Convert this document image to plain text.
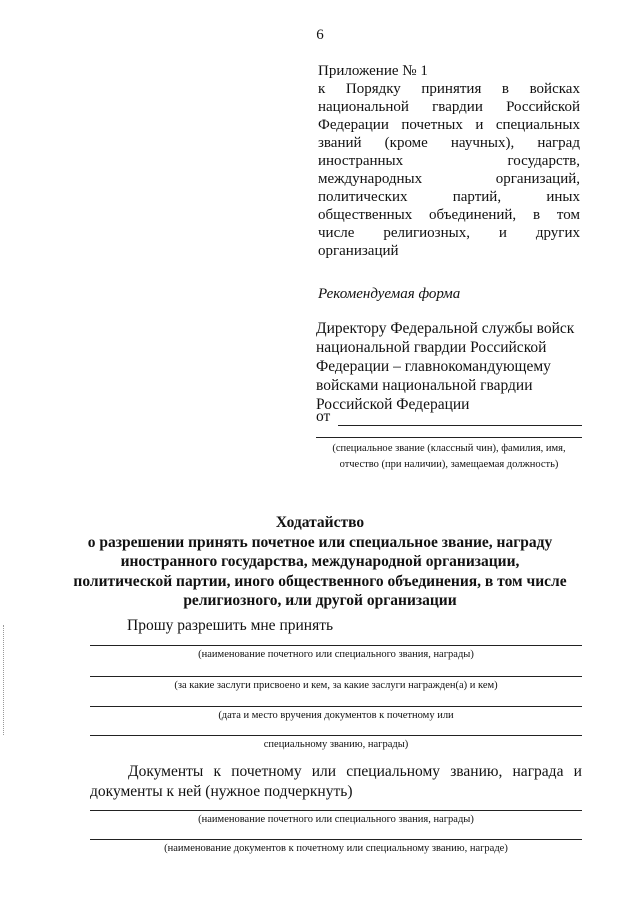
6
Приложение № 1
к Порядку принятия в войсках
национальной гвардии Российской
Федерации почетных и специальных
званий (кроме научных), наград
иностранных	государств,
международных	организаций,
политических	партий,	иных
общественных объединений, в том
числе религиозных, и других
организаций
Рекомендуемая форма
Директору Федеральной службы войск
национальной гвардии Российской
Федерации – главнокомандующему
войсками национальной гвардии
Российской Федерации
от
(специальное звание (классный чин), фамилия, имя,
отчество (при наличии), замещаемая должность)
Ходатайство
о разрешении принять почетное или специальное звание, награду
иностранного государства, международной организации,
политической партии, иного общественного объединения, в том числе
религиозного, или другой организации
Прошу разрешить мне принять
(наименование почетного или специального звания, награды)
(за какие заслуги присвоено и кем, за какие заслуги награжден(а) и кем)
(дата и место вручения документов к почетному или
специальному званию, награды)
Документы к почетному или специальному званию, награда и
документы к ней (нужное подчеркнуть)
(наименование почетного или специального звания, награды)
(наименование документов к почетному или специальному званию, награде)
